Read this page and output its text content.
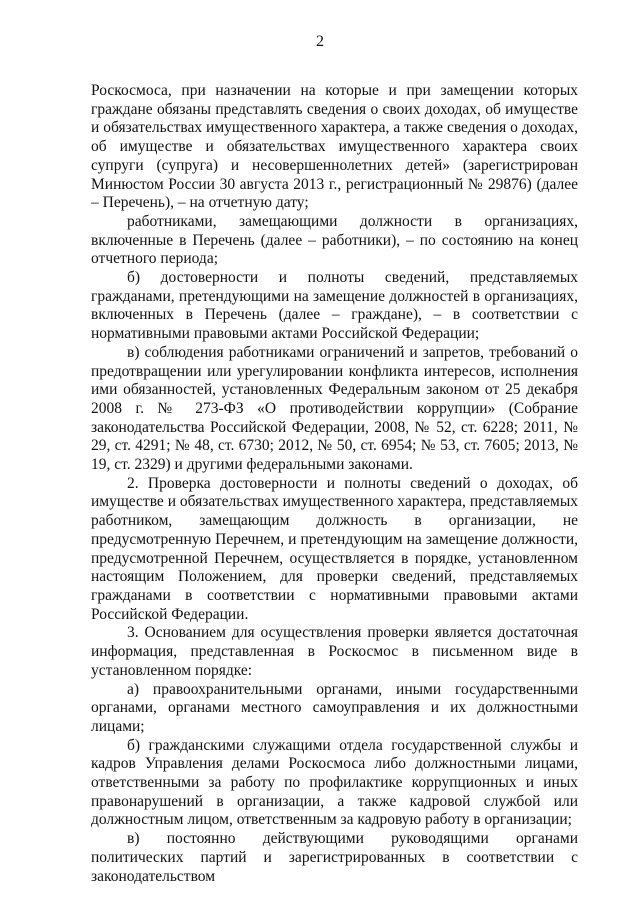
2

Роскосмоса, при назначении на которые и при замещении которых граждане обязаны представлять сведения о своих доходах, об имуществе и обязательствах имущественного характера, а также сведения о доходах, об имуществе и обязательствах имущественного характера своих супруги (супруга) и несовершеннолетних детей» (зарегистрирован Минюстом России 30 августа 2013 г., регистрационный № 29876) (далее – Перечень), – на отчетную дату;

работниками, замещающими должности в организациях, включенные в Перечень (далее – работники), – по состоянию на конец отчетного периода;

б) достоверности и полноты сведений, представляемых гражданами, претендующими на замещение должностей в организациях, включенных в Перечень (далее – граждане), – в соответствии с нормативными правовыми актами Российской Федерации;

в) соблюдения работниками ограничений и запретов, требований о предотвращении или урегулировании конфликта интересов, исполнения ими обязанностей, установленных Федеральным законом от 25 декабря 2008 г. № 273-ФЗ «О противодействии коррупции» (Собрание законодательства Российской Федерации, 2008, № 52, ст. 6228; 2011, № 29, ст. 4291; № 48, ст. 6730; 2012, № 50, ст. 6954; № 53, ст. 7605; 2013, № 19, ст. 2329) и другими федеральными законами.

2. Проверка достоверности и полноты сведений о доходах, об имуществе и обязательствах имущественного характера, представляемых работником, замещающим должность в организации, не предусмотренную Перечнем, и претендующим на замещение должности, предусмотренной Перечнем, осуществляется в порядке, установленном настоящим Положением, для проверки сведений, представляемых гражданами в соответствии с нормативными правовыми актами Российской Федерации.

3. Основанием для осуществления проверки является достаточная информация, представленная в Роскосмос в письменном виде в установленном порядке:

а) правоохранительными органами, иными государственными органами, органами местного самоуправления и их должностными лицами;

б) гражданскими служащими отдела государственной службы и кадров Управления делами Роскосмоса либо должностными лицами, ответственными за работу по профилактике коррупционных и иных правонарушений в организации, а также кадровой службой или должностным лицом, ответственным за кадровую работу в организации;

в) постоянно действующими руководящими органами политических партий и зарегистрированных в соответствии с законодательством
